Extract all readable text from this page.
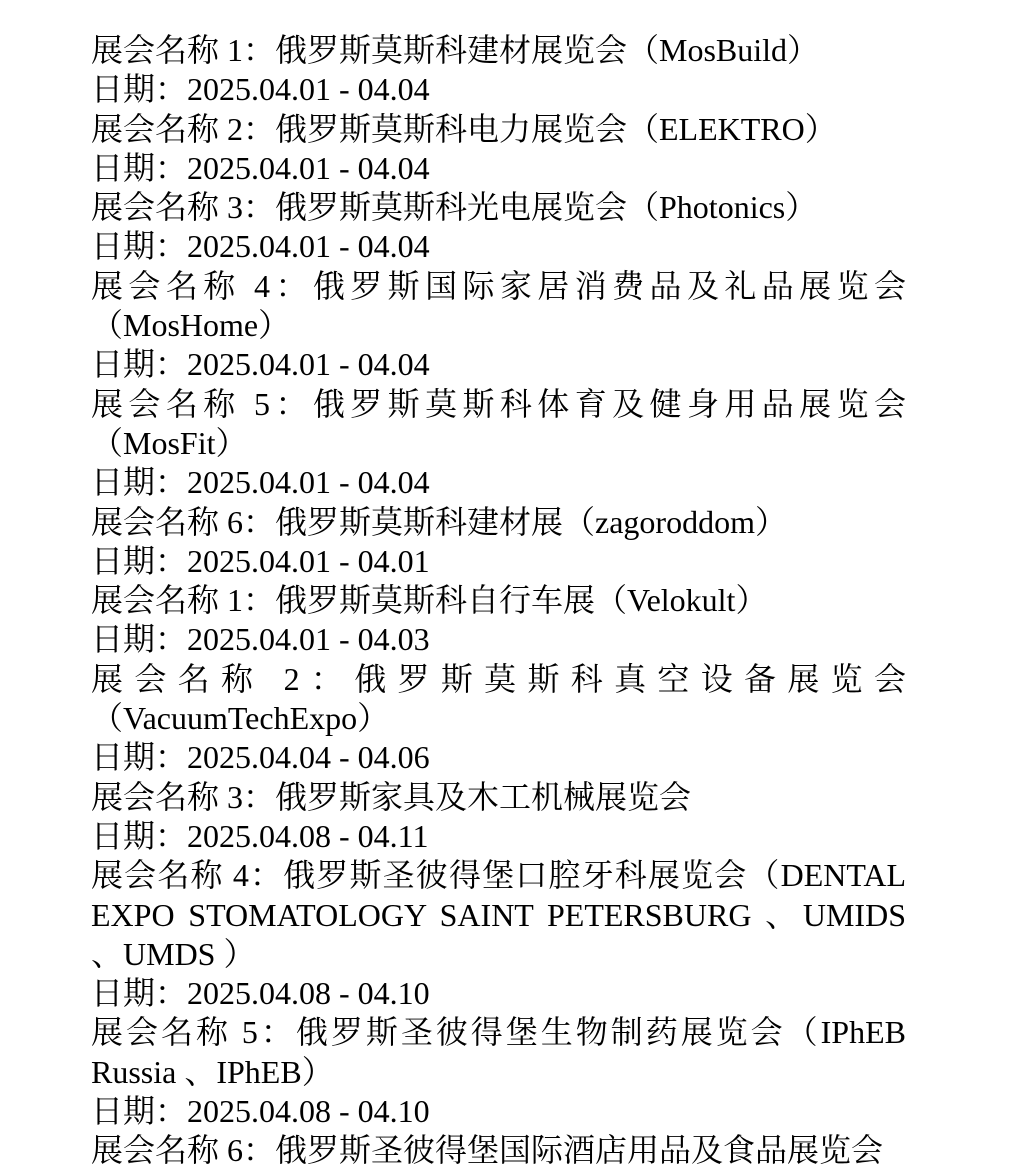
展会名称 1：俄罗斯莫斯科建材展览会（MosBuild）

日期：2025.04.01 - 04.04

展会名称 2：俄罗斯莫斯科电力展览会（ELEKTRO）

日期：2025.04.01 - 04.04

展会名称 3：俄罗斯莫斯科光电展览会（Photonics）

日期：2025.04.01 - 04.04

展会名称 4：俄罗斯国际家居消费品及礼品展览会（MosHome）

日期：2025.04.01 - 04.04

展会名称 5：俄罗斯莫斯科体育及健身用品展览会（MosFit）

日期：2025.04.01 - 04.04

展会名称 6：俄罗斯莫斯科建材展（zagoroddom）

日期：2025.04.01 - 04.01

展会名称 1：俄罗斯莫斯科自行车展（Velokult）

日期：2025.04.01 - 04.03

展会名称 2：俄罗斯莫斯科真空设备展览会（VacuumTechExpo）

日期：2025.04.04 - 04.06

展会名称 3：俄罗斯家具及木工机械展览会

日期：2025.04.08 - 04.11

展会名称 4：俄罗斯圣彼得堡口腔牙科展览会（DENTAL EXPO STOMATOLOGY SAINT PETERSBURG 、UMIDS 、UMDS ）

日期：2025.04.08 - 04.10

展会名称 5：俄罗斯圣彼得堡生物制药展览会（IPhEB Russia 、IPhEB）

日期：2025.04.08 - 04.10

展会名称 6：俄罗斯圣彼得堡国际酒店用品及食品展览会
